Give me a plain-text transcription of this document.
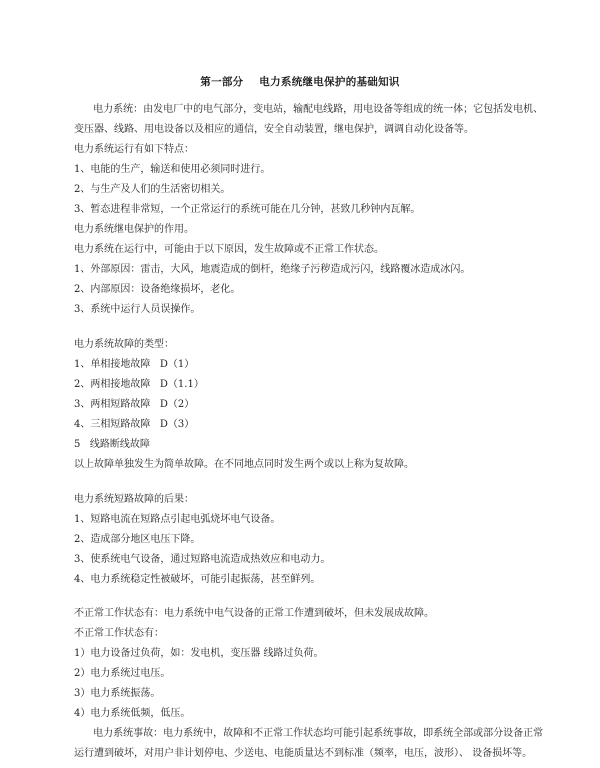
第一部分    电力系统继电保护的基础知识
电力系统：由发电厂中的电气部分，变电站，输配电线路，用电设备等组成的统一体；它包括发电机、
变压器、线路、用电设备以及相应的通信，安全自动装置，继电保护，调调自动化设备等。
电力系统运行有如下特点：
1、电能的生产，输送和使用必须同时进行。
2、与生产及人们的生活密切相关。
3、暂态进程非常短，一个正常运行的系统可能在几分钟，甚致几秒钟内瓦解。
电力系统继电保护的作用。
电力系统在运行中，可能由于以下原因，发生故障或不正常工作状态。
1、外部原因：雷击，大风，地震造成的倒杆，绝缘子污秽造成污闪，线路覆冰造成冰闪。
2、内部原因：设备绝缘损坏，老化。
3、系统中运行人员误操作。
电力系统故障的类型：
1、单相接地故障   D（1）
2、两相接地故障   D（1.1）
3、两相短路故障   D（2）
4、三相短路故障   D（3）
5   线路断线故障
以上故障单独发生为简单故障。在不同地点同时发生两个或以上称为复故障。
电力系统短路故障的后果：
1、短路电流在短路点引起电弧烧坏电气设备。
2、造成部分地区电压下降。
3、使系统电气设备，通过短路电流造成热效应和电动力。
4、电力系统稳定性被破坏，可能引起振荡，甚至鲜列。
不正常工作状态有：电力系统中电气设备的正常工作遭到破坏，但未发展成故障。
不正常工作状态有：
1）电力设备过负荷，如：发电机，变压器 线路过负荷。
2）电力系统过电压。
3）电力系统振荡。
4）电力系统低频，低压。
电力系统事故：电力系统中，故障和不正常工作状态均可能引起系统事故，即系统全部或部分设备正常
运行遭到破坏，对用户非计划停电、少送电、电能质量达不到标准（频率，电压，波形）、 设备损坏等。
